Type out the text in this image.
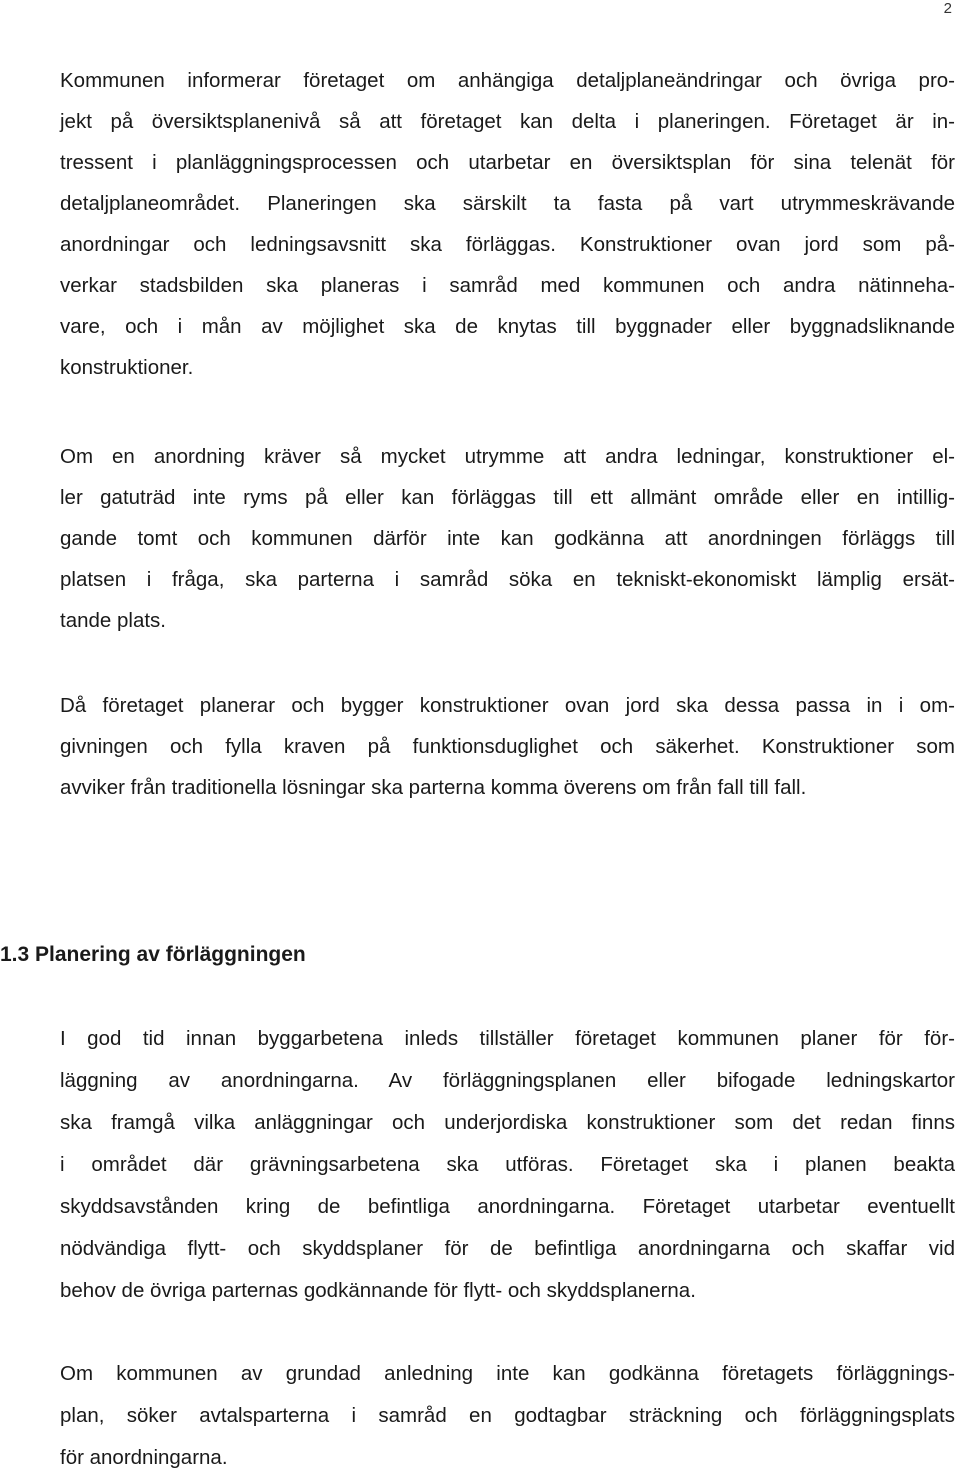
2
Kommunen informerar företaget om anhängiga detaljplaneändringar och övriga pro-
jekt på översiktsplanenivå så att företaget kan delta i planeringen. Företaget är in-
tressent i planläggningsprocessen och utarbetar en översiktsplan för sina telenät för
detaljplaneområdet. Planeringen ska särskilt ta fasta på vart utrymmeskrävande
anordningar och ledningsavsnitt ska förläggas. Konstruktioner ovan jord som på-
verkar stadsbilden ska planeras i samråd med kommunen och andra nätinneha-
vare, och i mån av möjlighet ska de knytas till byggnader eller byggnadsliknande
konstruktioner.
Om en anordning kräver så mycket utrymme att andra ledningar, konstruktioner el-
ler gatuträd inte ryms på eller kan förläggas till ett allmänt område eller en intillig-
gande tomt och kommunen därför inte kan godkänna att anordningen förläggs till
platsen i fråga, ska parterna i samråd söka en tekniskt-ekonomiskt lämplig ersät-
tande plats.
Då företaget planerar och bygger konstruktioner ovan jord ska dessa passa in i om-
givningen och fylla kraven på funktionsduglighet och säkerhet. Konstruktioner som
avviker från traditionella lösningar ska parterna komma överens om från fall till fall.
1.3 Planering av förläggningen
I god tid innan byggarbetena inleds tillställer företaget kommunen planer för för-
läggning av anordningarna. Av förläggningsplanen eller bifogade ledningskartor
ska framgå vilka anläggningar och underjordiska konstruktioner som det redan finns
i området där grävningsarbetena ska utföras. Företaget ska i planen beakta
skyddsavstånden kring de befintliga anordningarna. Företaget utarbetar eventuellt
nödvändiga flytt- och skyddsplaner för de befintliga anordningarna och skaffar vid
behov de övriga parternas godkännande för flytt- och skyddsplanerna.
Om kommunen av grundad anledning inte kan godkänna företagets förläggnings-
plan, söker avtalsparterna i samråd en godtagbar sträckning och förläggningsplats
för anordningarna.
